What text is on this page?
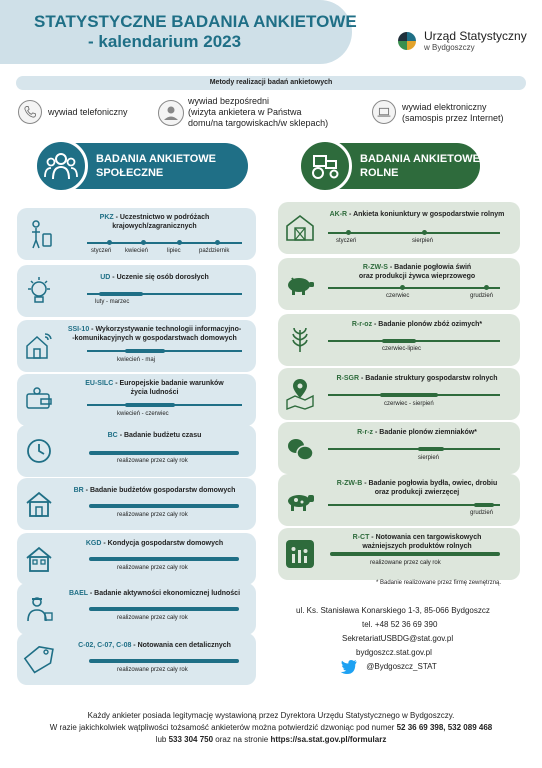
STATYSTYCZNE BADANIA ANKIETOWE
- kalendarium 2023	Urząd Statystyczny
w Bydgoszczy
Metody realizacji badań ankietowych
wywiad telefoniczny
wywiad bezpośredni
(wizyta ankietera w Państwa
domu/na targowiskach/w sklepach)
wywiad elektroniczny
(samospis przez Internet)
BADANIA ANKIETOWE
SPOŁECZNE
BADANIA ANKIETOWE
ROLNE
PKZ - Uczestnictwo w podróżach
krajowych/zagranicznych
styczeń kwiecień	lipiec	październik
UD - Uczenie się osób dorosłych
luty - marzec
SSI-10 - Wykorzystywanie technologii informacyjno-
-komunikacyjnych w gospodarstwach domowych
kwiecień - maj
EU-SILC - Europejskie badanie warunków
życia ludności
kwiecień - czerwiec
BC - Badanie budżetu czasu
realizowane przez cały rok
BR - Badanie budżetów gospodarstw domowych
realizowane przez cały rok
KGD - Kondycja gospodarstw domowych
realizowane przez cały rok
BAEL - Badanie aktywności ekonomicznej ludności
realizowane przez cały rok
C-02, C-07, C-08 - Notowania cen detalicznych
realizowane przez cały rok
AK-R - Ankieta koniunktury w gospodarstwie rolnym
styczeń	sierpień
R-ZW-S - Badanie pogłowia świń
oraz produkcji żywca wieprzowego
czerwiec	grudzień
R-r-oz - Badanie plonów zbóż ozimych*
czerwiec-lipiec
R-SGR - Badanie struktury gospodarstw rolnych
czerwiec - sierpień
R-r-z - Badanie plonów ziemniaków*
sierpień
R-ZW-B - Badanie pogłowia bydła, owiec, drobiu
oraz produkcji zwierzęcej
grudzień
R-CT - Notowania cen targowiskowych
ważniejszych produktów rolnych
realizowane przez cały rok
* Badanie realizowane przez firmę zewnętrzną.
ul. Ks. Stanisława Konarskiego 1-3, 85-066 Bydgoszcz
tel. +48 52 36 69 390
SekretariatUSBDG@stat.gov.pl
bydgoszcz.stat.gov.pl
@Bydgoszcz_STAT
Każdy ankieter posiada legitymację wystawioną przez Dyrektora Urzędu Statystycznego w Bydgoszczy.
W razie jakichkolwiek wątpliwości tożsamość ankieterów można potwierdzić dzwoniąc pod numer 52 36 69 398, 532 089 468
lub 533 304 750 oraz na stronie https://sa.stat.gov.pl/formularz
